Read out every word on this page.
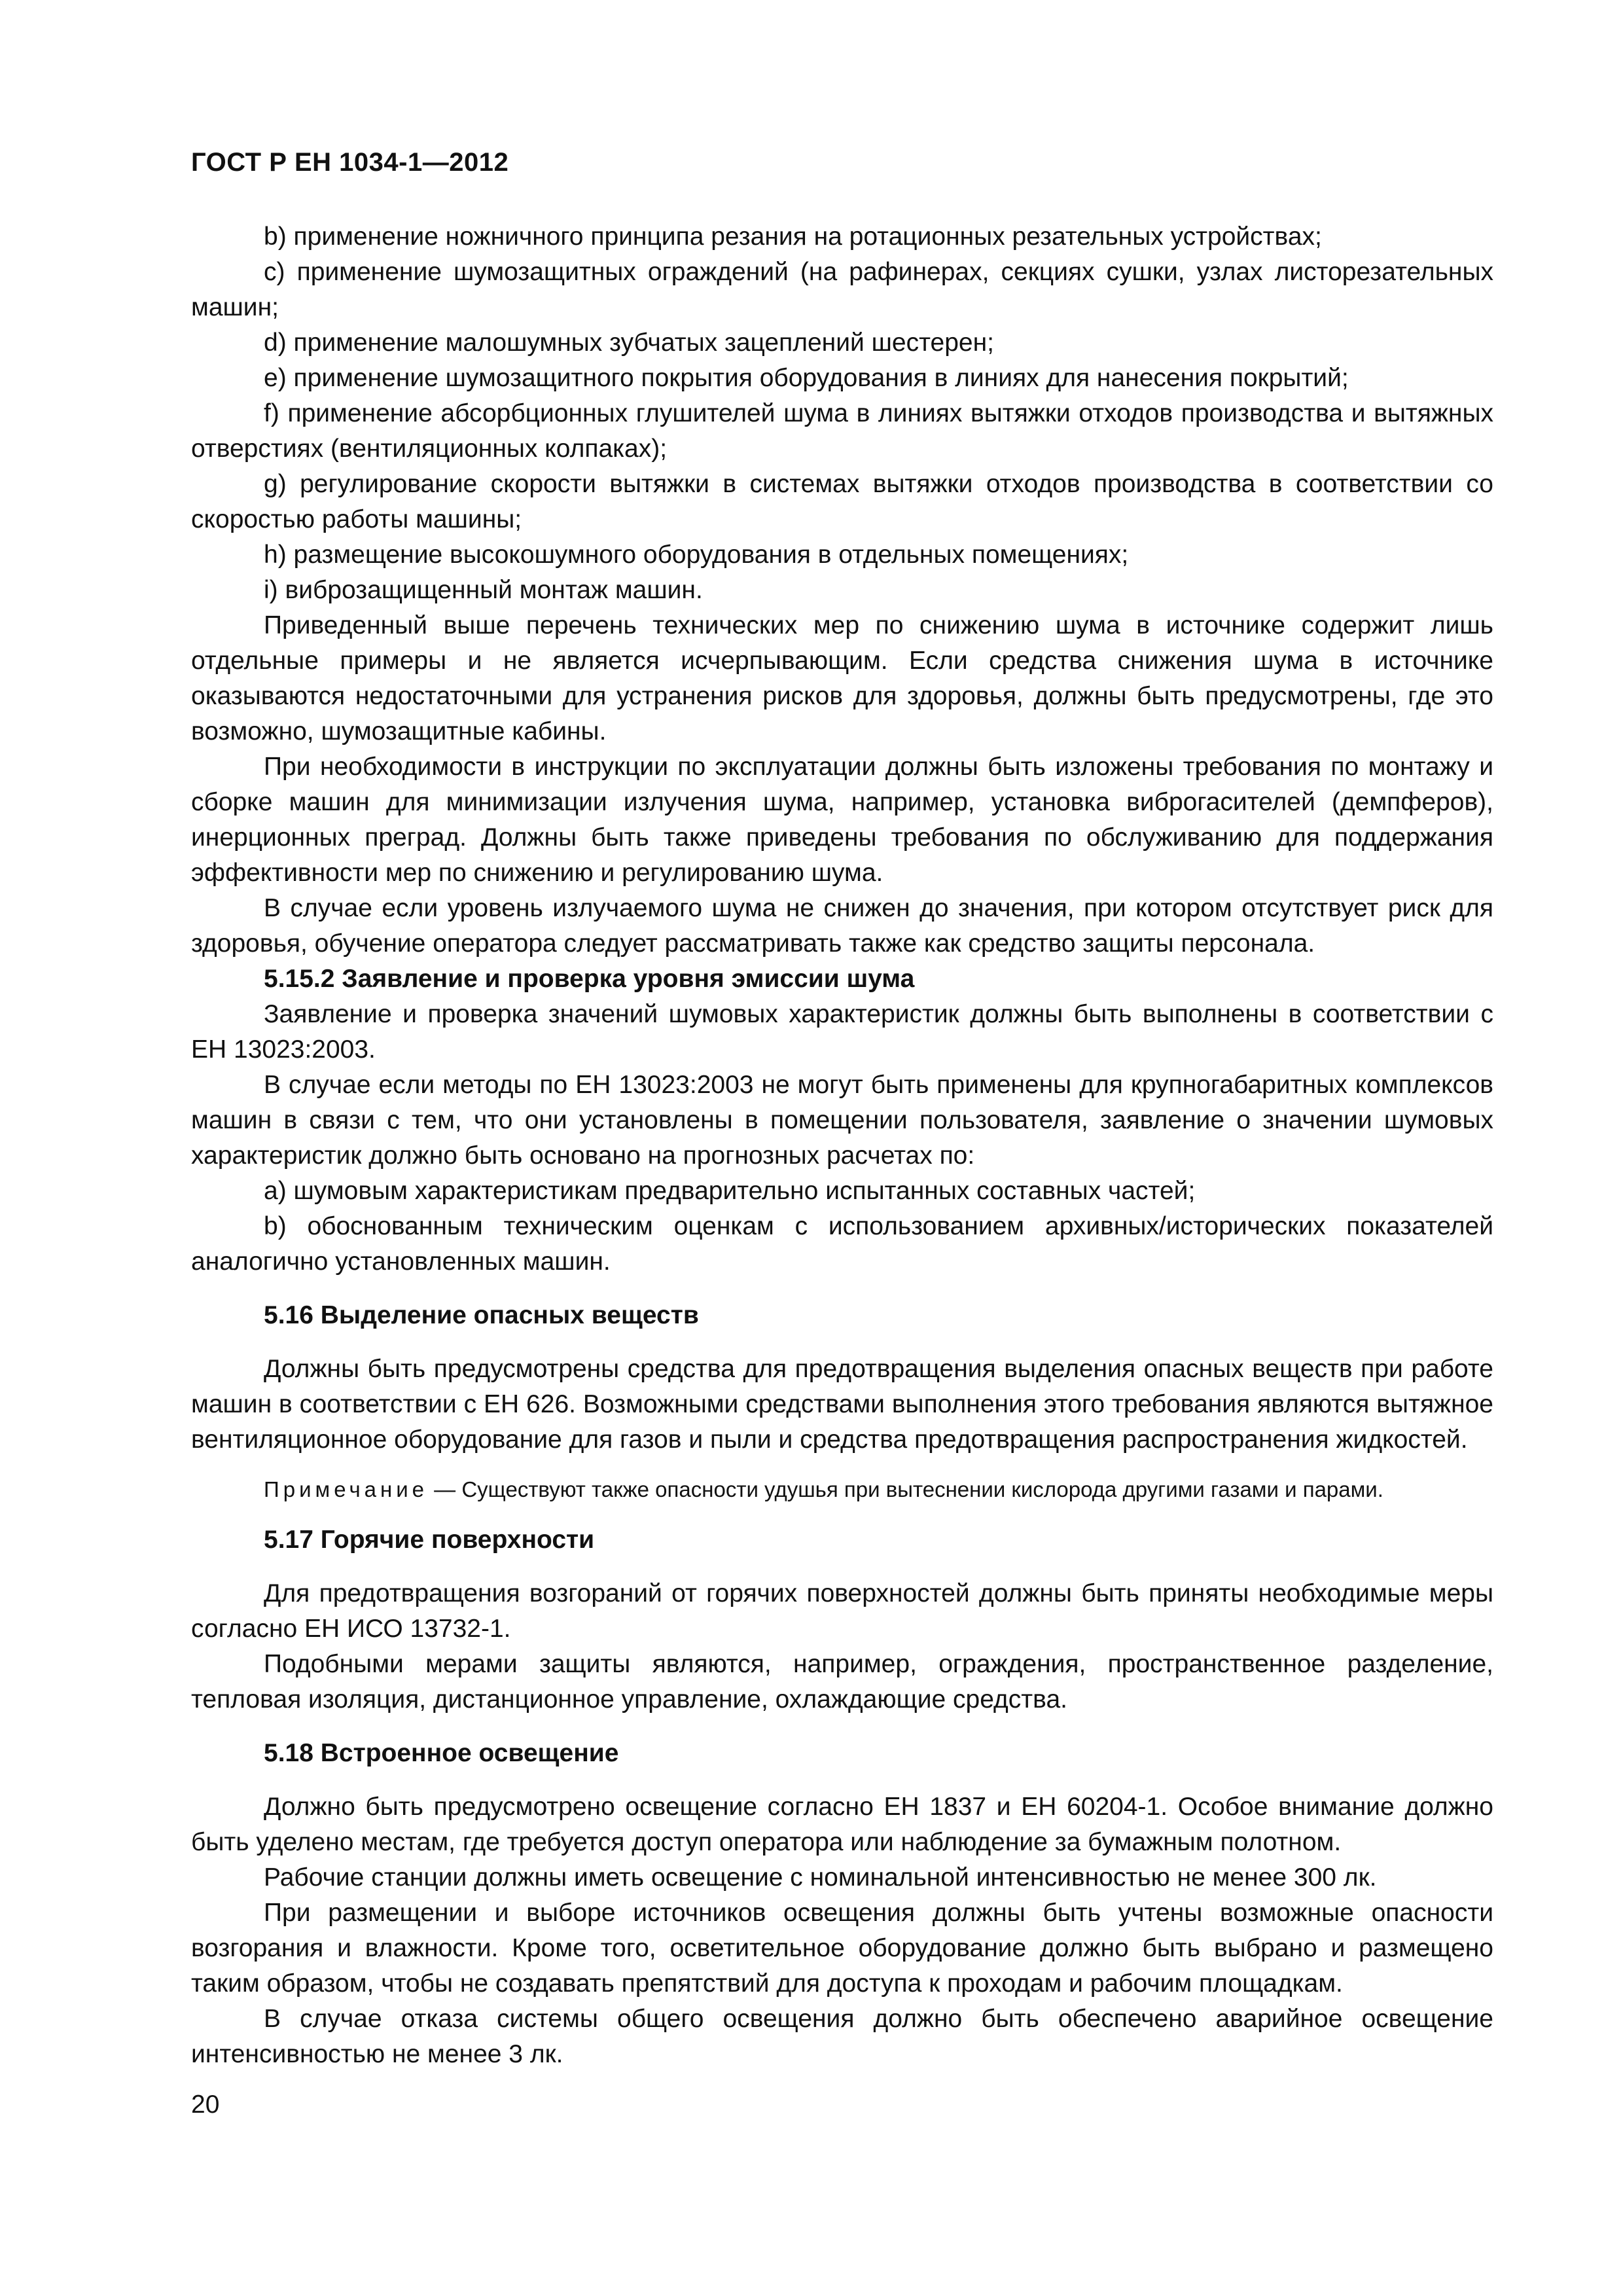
ГОСТ Р ЕН 1034-1—2012

b) применение ножничного принципа резания на ротационных резательных устройствах;

c) применение шумозащитных ограждений (на рафинерах, секциях сушки, узлах листорезательных машин;

d) применение малошумных зубчатых зацеплений шестерен;

e) применение шумозащитного покрытия оборудования в линиях для нанесения покрытий;

f) применение абсорбционных глушителей шума в линиях вытяжки отходов производства и вытяжных отверстиях (вентиляционных колпаках);

g) регулирование скорости вытяжки в системах вытяжки отходов производства в соответствии со скоростью работы машины;

h) размещение высокошумного оборудования в отдельных помещениях;

i) виброзащищенный монтаж машин.

Приведенный выше перечень технических мер по снижению шума в источнике содержит лишь отдельные примеры и не является исчерпывающим. Если средства снижения шума в источнике оказываются недостаточными для устранения рисков для здоровья, должны быть предусмотрены, где это возможно, шумозащитные кабины.

При необходимости в инструкции по эксплуатации должны быть изложены требования по монтажу и сборке машин для минимизации излучения шума, например, установка виброгасителей (демпферов), инерционных преград. Должны быть также приведены требования по обслуживанию для поддержания эффективности мер по снижению и регулированию шума.

В случае если уровень излучаемого шума не снижен до значения, при котором отсутствует риск для здоровья, обучение оператора следует рассматривать также как средство защиты персонала.

5.15.2 Заявление и проверка уровня эмиссии шума

Заявление и проверка значений шумовых характеристик должны быть выполнены в соответствии с ЕН 13023:2003.

В случае если методы по ЕН 13023:2003 не могут быть применены для крупногабаритных комплексов машин в связи с тем, что они установлены в помещении пользователя, заявление о значении шумовых характеристик должно быть основано на прогнозных расчетах по:

a) шумовым характеристикам предварительно испытанных составных частей;

b) обоснованным техническим оценкам с использованием архивных/исторических показателей аналогично установленных машин.

5.16 Выделение опасных веществ

Должны быть предусмотрены средства для предотвращения выделения опасных веществ при работе машин в соответствии с ЕН 626. Возможными средствами выполнения этого требования являются вытяжное вентиляционное оборудование для газов и пыли и средства предотвращения распространения жидкостей.

Примечание — Существуют также опасности удушья при вытеснении кислорода другими газами и парами.

5.17 Горячие поверхности

Для предотвращения возгораний от горячих поверхностей должны быть приняты необходимые меры согласно ЕН ИСО 13732-1.

Подобными мерами защиты являются, например, ограждения, пространственное разделение, тепловая изоляция, дистанционное управление, охлаждающие средства.

5.18 Встроенное освещение

Должно быть предусмотрено освещение согласно ЕН 1837 и ЕН 60204-1. Особое внимание должно быть уделено местам, где требуется доступ оператора или наблюдение за бумажным полотном.

Рабочие станции должны иметь освещение с номинальной интенсивностью не менее 300 лк.

При размещении и выборе источников освещения должны быть учтены возможные опасности возгорания и влажности. Кроме того, осветительное оборудование должно быть выбрано и размещено таким образом, чтобы не создавать препятствий для доступа к проходам и рабочим площадкам.

В случае отказа системы общего освещения должно быть обеспечено аварийное освещение интенсивностью не менее 3 лк.

20
